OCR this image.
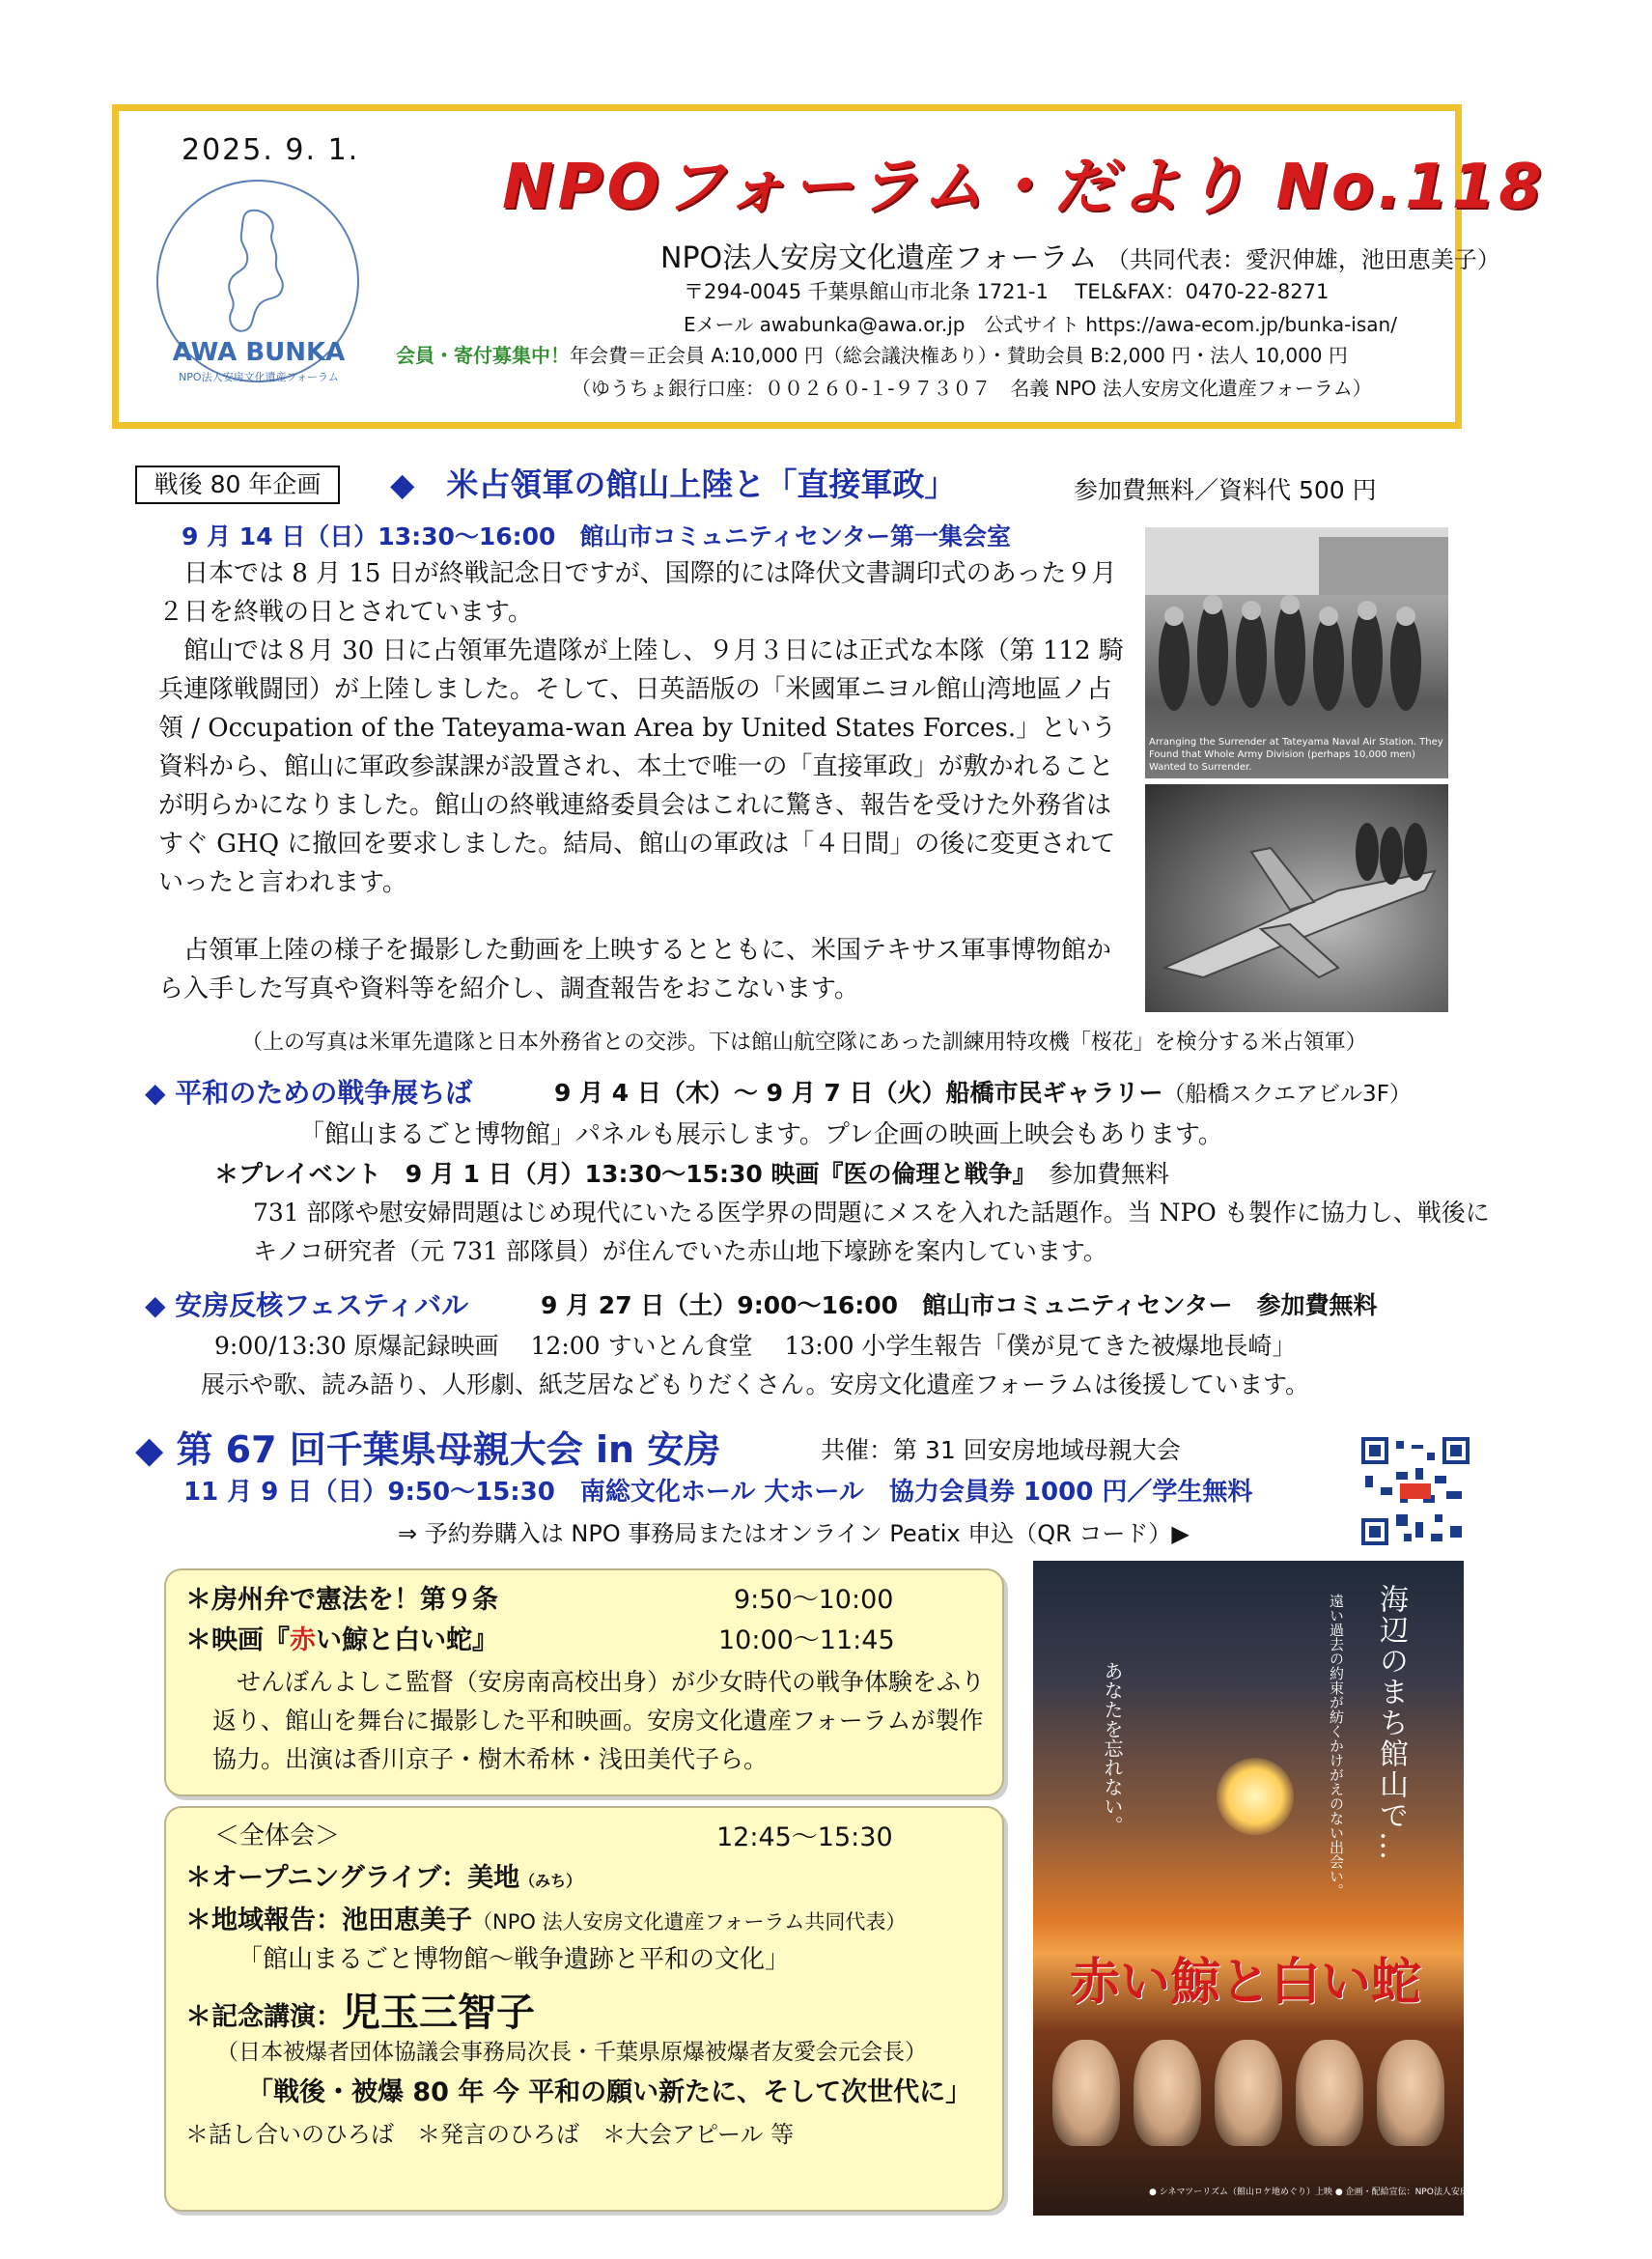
2025. 9. 1.
AWA BUNKA
NPO法人安房文化遺産フォーラム
NPOフォーラム・だより No.118
NPO法人安房文化遺産フォーラム （共同代表：愛沢伸雄，池田恵美子）
〒294-0045 千葉県館山市北条 1721-1　 TEL&FAX：0470-22-8271
Eメール awabunka@awa.or.jp　公式サイト https://awa-ecom.jp/bunka-isan/
会員・寄付募集中！年会費＝正会員 A:10,000 円（総会議決権あり）・賛助会員 B:2,000 円・法人 10,000 円
（ゆうちょ銀行口座：００２６０-１-９７３０７　名義 NPO 法人安房文化遺産フォーラム）
戦後 80 年企画	◆　米占領軍の館山上陸と「直接軍政」	参加費無料／資料代 500 円
9 月 14 日（日）13:30～16:00　館山市コミュニティセンター第一集会室
　日本では 8 月 15 日が終戦記念日ですが、国際的には降伏文書調印式のあった９月２日を終戦の日とされています。
　館山では８月 30 日に占領軍先遣隊が上陸し、９月３日には正式な本隊（第 112 騎兵連隊戦闘団）が上陸しました。そして、日英語版の「米國軍ニヨル館山湾地區ノ占領 / Occupation of the Tateyama-wan Area by United States Forces.」という資料から、館山に軍政参謀課が設置され、本土で唯一の「直接軍政」が敷かれることが明らかになりました。館山の終戦連絡委員会はこれに驚き、報告を受けた外務省はすぐ GHQ に撤回を要求しました。結局、館山の軍政は「４日間」の後に変更されていったと言われます。
　占領軍上陸の様子を撮影した動画を上映するとともに、米国テキサス軍事博物館から入手した写真や資料等を紹介し、調査報告をおこないます。
Arranging the Surrender at Tateyama Naval Air Station. They Found that Whole Army Division (perhaps 10,000 men) Wanted to Surrender.
（上の写真は米軍先遣隊と日本外務省との交渉。下は館山航空隊にあった訓練用特攻機「桜花」を検分する米占領軍）
◆ 平和のための戦争展ちば	9 月 4 日（木）～ 9 月 7 日（火）船橋市民ギャラリー（船橋スクエアビル3F）
「館山まるごと博物館」パネルも展示します。プレ企画の映画上映会もあります。
＊プレイベント　9 月 1 日（月）13:30～15:30 映画『医の倫理と戦争』　参加費無料
731 部隊や慰安婦問題はじめ現代にいたる医学界の問題にメスを入れた話題作。当 NPO も製作に協力し、戦後にキノコ研究者（元 731 部隊員）が住んでいた赤山地下壕跡を案内しています。
◆ 安房反核フェスティバル	9 月 27 日（土）9:00～16:00　館山市コミュニティセンター　参加費無料
9:00/13:30 原爆記録映画　 12:00 すいとん食堂　 13:00 小学生報告「僕が見てきた被爆地長崎」
展示や歌、読み語り、人形劇、紙芝居などもりだくさん。安房文化遺産フォーラムは後援しています。
◆ 第 67 回千葉県母親大会 in 安房	共催：第 31 回安房地域母親大会
11 月 9 日（日）9:50～15:30　南総文化ホール 大ホール　協力会員券 1000 円／学生無料
⇒ 予約券購入は NPO 事務局またはオンライン Peatix 申込（QR コード）▶
＊房州弁で憲法を！第９条	9:50～10:00
＊映画『赤い鯨と白い蛇』	10:00～11:45
　せんぼんよしこ監督（安房南高校出身）が少女時代の戦争体験をふり返り、館山を舞台に撮影した平和映画。安房文化遺産フォーラムが製作協力。出演は香川京子・樹木希林・浅田美代子ら。
＜全体会＞	12:45～15:30
＊オープニングライブ：美地（みち）
＊地域報告：池田恵美子（NPO 法人安房文化遺産フォーラム共同代表）
「館山まるごと博物館～戦争遺跡と平和の文化」
＊記念講演：児玉三智子
（日本被爆者団体協議会事務局次長・千葉県原爆被爆者友愛会元会長）
「戦後・被爆 80 年 今 平和の願い新たに、そして次世代に」
＊話し合いのひろば　＊発言のひろば　＊大会アピール 等
海辺のまち館山で…
遠い過去の約束が紡くかけがえのない出会い。
あなたを忘れない。
赤い鯨と白い蛇
● シネマツーリズム（館山ロケ地めぐり）上映 ● 企画・配給宣伝：NPO法人安房文化遺産フォーラム TEL&FAX:0470-22-8271
